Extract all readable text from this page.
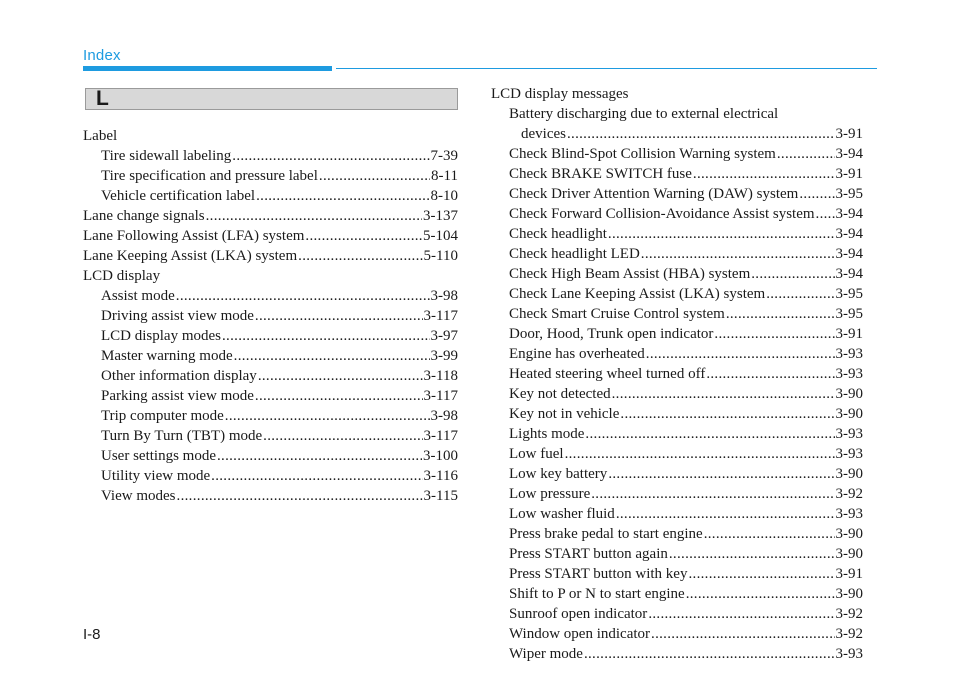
Index
L
Label
Tire sidewall labeling .....	7-39
Tire specification and pressure label .....	8-11
Vehicle certification label .....	8-10
Lane change signals .....	3-137
Lane Following Assist (LFA) system .....	5-104
Lane Keeping Assist (LKA) system .....	5-110
LCD display
Assist mode .....	3-98
Driving assist view mode .....	3-117
LCD display modes .....	3-97
Master warning mode .....	3-99
Other information display .....	3-118
Parking assist view mode .....	3-117
Trip computer mode .....	3-98
Turn By Turn (TBT) mode .....	3-117
User settings mode .....	3-100
Utility view mode .....	3-116
View modes .....	3-115
LCD display messages
Battery discharging due to external electrical
devices .....	3-91
Check Blind-Spot Collision Warning system .....	3-94
Check BRAKE SWITCH fuse .....	3-91
Check Driver Attention Warning (DAW) system ..... 3-95
Check Forward Collision-Avoidance Assist system ..... 3-94
Check headlight .....	3-94
Check headlight LED .....	3-94
Check High Beam Assist (HBA) system .....	3-94
Check Lane Keeping Assist (LKA) system .....	3-95
Check Smart Cruise Control system .....	3-95
Door, Hood, Trunk open indicator .....	3-91
Engine has overheated .....	3-93
Heated steering wheel turned off .....	3-93
Key not detected .....	3-90
Key not in vehicle .....	3-90
Lights mode .....	3-93
Low fuel .....	3-93
Low key battery .....	3-90
Low pressure .....	3-92
Low washer fluid .....	3-93
Press brake pedal to start engine .....	3-90
Press START button again .....	3-90
Press START button with key .....	3-91
Shift to P or N to start engine .....	3-90
Sunroof open indicator .....	3-92
Window open indicator .....	3-92
Wiper mode .....	3-93
I-8
